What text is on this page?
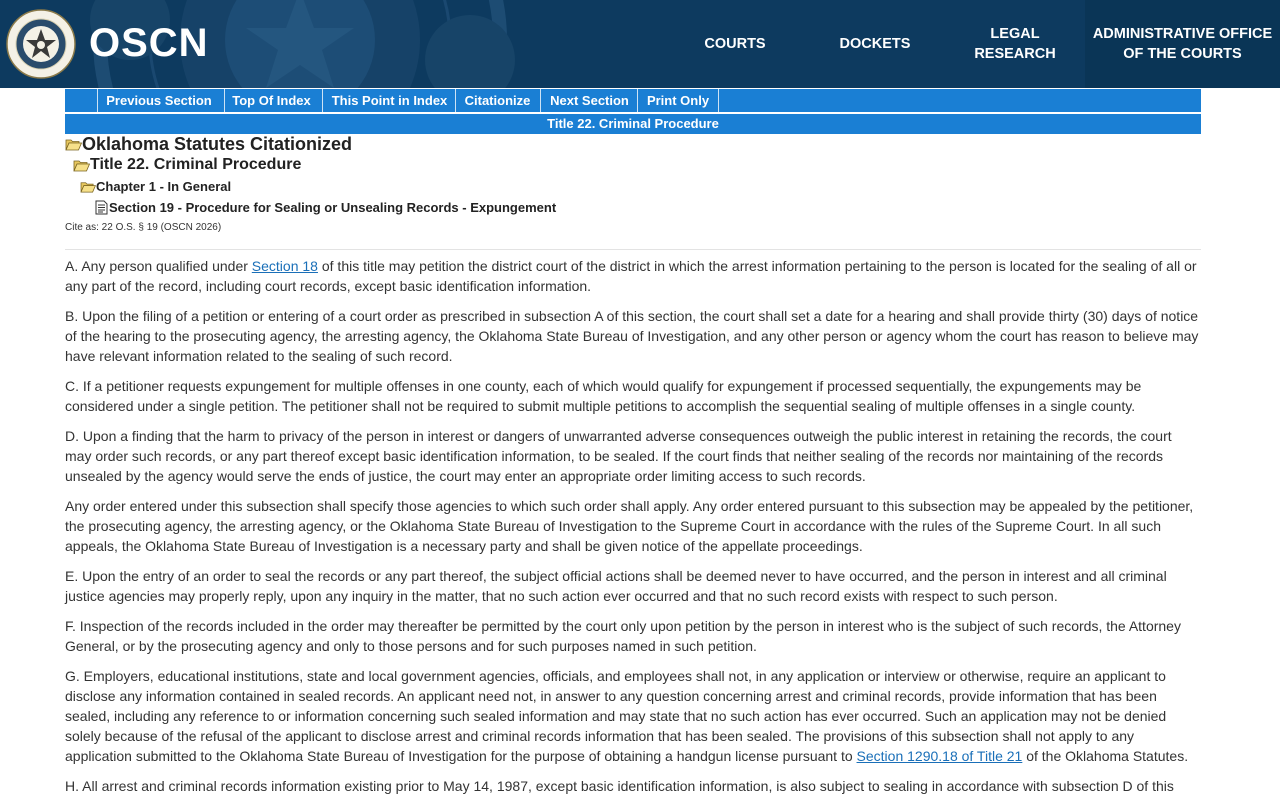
OSCN	COURTS	DOCKETS
LEGAL
RESEARCH
ADMINISTRATIVE OFFICE
OF THE COURTS
Previous Section	Top Of Index	This Point in Index	Citationize	Next Section	Print Only
Title 22. Criminal Procedure
Oklahoma Statutes Citationized
Title 22. Criminal Procedure
Chapter 1 - In General
Section 19 - Procedure for Sealing or Unsealing Records - Expungement
Cite as: 22 O.S. § 19 (OSCN 2026)

A. Any person qualified under Section 18 of this title may petition the district court of the district in which the arrest information pertaining to the person is located for the sealing of all or any part of the record, including court records, except basic identification information.

B. Upon the filing of a petition or entering of a court order as prescribed in subsection A of this section, the court shall set a date for a hearing and shall provide thirty (30) days of notice of the hearing to the prosecuting agency, the arresting agency, the Oklahoma State Bureau of Investigation, and any other person or agency whom the court has reason to believe may have relevant information related to the sealing of such record.

C. If a petitioner requests expungement for multiple offenses in one county, each of which would qualify for expungement if processed sequentially, the expungements may be considered under a single petition. The petitioner shall not be required to submit multiple petitions to accomplish the sequential sealing of multiple offenses in a single county.

D. Upon a finding that the harm to privacy of the person in interest or dangers of unwarranted adverse consequences outweigh the public interest in retaining the records, the court may order such records, or any part thereof except basic identification information, to be sealed. If the court finds that neither sealing of the records nor maintaining of the records unsealed by the agency would serve the ends of justice, the court may enter an appropriate order limiting access to such records.

Any order entered under this subsection shall specify those agencies to which such order shall apply. Any order entered pursuant to this subsection may be appealed by the petitioner, the prosecuting agency, the arresting agency, or the Oklahoma State Bureau of Investigation to the Supreme Court in accordance with the rules of the Supreme Court. In all such appeals, the Oklahoma State Bureau of Investigation is a necessary party and shall be given notice of the appellate proceedings.

E. Upon the entry of an order to seal the records or any part thereof, the subject official actions shall be deemed never to have occurred, and the person in interest and all criminal justice agencies may properly reply, upon any inquiry in the matter, that no such action ever occurred and that no such record exists with respect to such person.

F. Inspection of the records included in the order may thereafter be permitted by the court only upon petition by the person in interest who is the subject of such records, the Attorney General, or by the prosecuting agency and only to those persons and for such purposes named in such petition.

G. Employers, educational institutions, state and local government agencies, officials, and employees shall not, in any application or interview or otherwise, require an applicant to disclose any information contained in sealed records. An applicant need not, in answer to any question concerning arrest and criminal records, provide information that has been sealed, including any reference to or information concerning such sealed information and may state that no such action has ever occurred. Such an application may not be denied solely because of the refusal of the applicant to disclose arrest and criminal records information that has been sealed. The provisions of this subsection shall not apply to any application submitted to the Oklahoma State Bureau of Investigation for the purpose of obtaining a handgun license pursuant to Section 1290.18 of Title 21 of the Oklahoma Statutes.

H. All arrest and criminal records information existing prior to May 14, 1987, except basic identification information, is also subject to sealing in accordance with subsection D of this
